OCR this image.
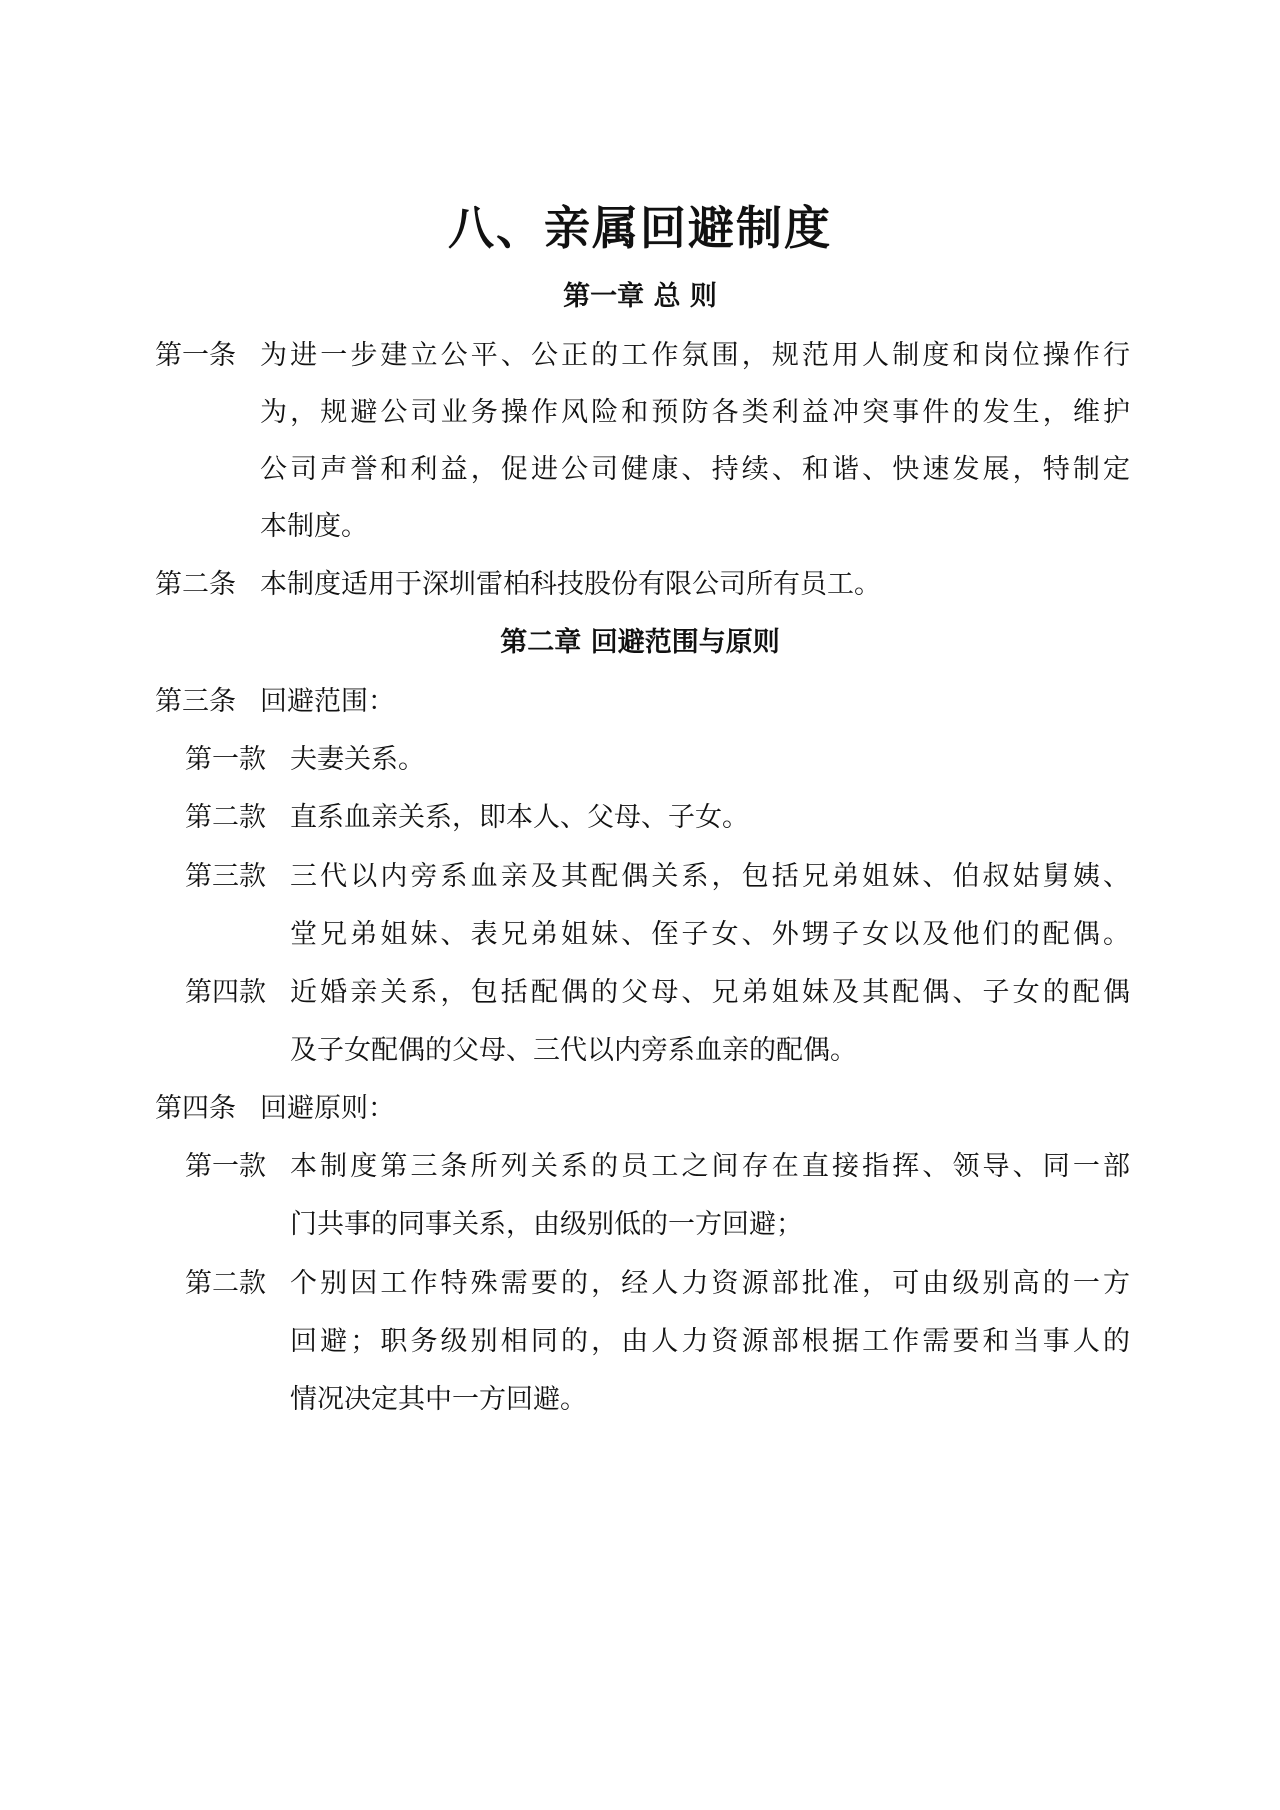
八、亲属回避制度
第一章 总 则
第一条 为进一步建立公平、公正的工作氛围，规范用人制度和岗位操作行
为，规避公司业务操作风险和预防各类利益冲突事件的发生，维护
公司声誉和利益，促进公司健康、持续、和谐、快速发展，特制定
本制度。
第二条 本制度适用于深圳雷柏科技股份有限公司所有员工。
第二章 回避范围与原则
第三条 回避范围：
第一款 夫妻关系。
第二款 直系血亲关系，即本人、父母、子女。
第三款 三代以内旁系血亲及其配偶关系，包括兄弟姐妹、伯叔姑舅姨、
堂兄弟姐妹、表兄弟姐妹、侄子女、外甥子女以及他们的配偶。
第四款 近婚亲关系，包括配偶的父母、兄弟姐妹及其配偶、子女的配偶
及子女配偶的父母、三代以内旁系血亲的配偶。
第四条 回避原则：
第一款 本制度第三条所列关系的员工之间存在直接指挥、领导、同一部
门共事的同事关系，由级别低的一方回避；
第二款 个别因工作特殊需要的，经人力资源部批准，可由级别高的一方
回避；职务级别相同的，由人力资源部根据工作需要和当事人的
情况决定其中一方回避。
